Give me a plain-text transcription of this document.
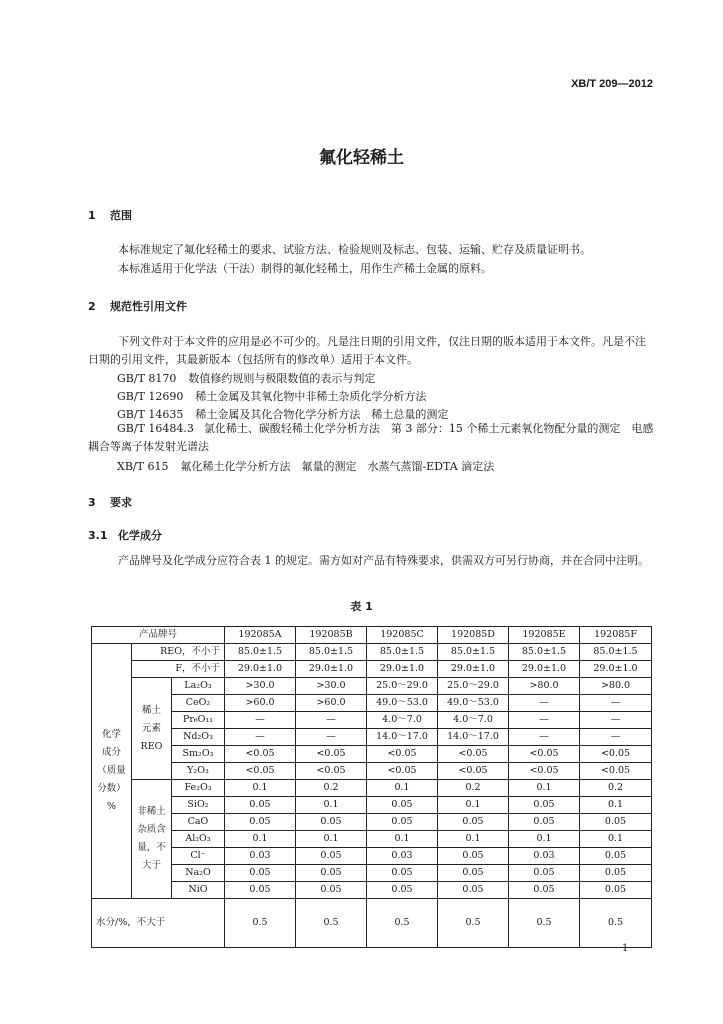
XB/T 209—2012
氟化轻稀土
1 范围
本标准规定了氟化轻稀土的要求、试验方法、检验规则及标志、包装、运输、贮存及质量证明书。
本标准适用于化学法（干法）制得的氟化轻稀土，用作生产稀土金属的原料。
2 规范性引用文件
下列文件对于本文件的应用是必不可少的。凡是注日期的引用文件，仅注日期的版本适用于本文件。凡是不注日期的引用文件，其最新版本（包括所有的修改单）适用于本文件。
GB/T 8170 数值修约规则与极限数值的表示与判定
GB/T 12690 稀土金属及其氧化物中非稀土杂质化学分析方法
GB/T 14635 稀土金属及其化合物化学分析方法　稀土总量的测定
GB/T 16484.3 氯化稀土、碳酸轻稀土化学分析方法　第 3 部分：15 个稀土元素氧化物配分量的测定　电感耦合等离子体发射光谱法
XB/T 615 氟化稀土化学分析方法　氟量的测定　水蒸气蒸馏-EDTA 滴定法
3 要求
3.1 化学成分
产品牌号及化学成分应符合表 1 的规定。需方如对产品有特殊要求，供需双方可另行协商，并在合同中注明。
表 1
产品牌号			192085A	192085B	192085C	192085D	192085E	192085F
化学
成分
（质量
分数）
%	REO，不小于		85.0±1.5	85.0±1.5	85.0±1.5	85.0±1.5	85.0±1.5	85.0±1.5
	F，不小于		29.0±1.0	29.0±1.0	29.0±1.0	29.0±1.0	29.0±1.0	29.0±1.0
	稀土
元素
REO	La₂O₃	>30.0	>30.0	25.0～29.0	25.0～29.0	>80.0	>80.0
		CeO₂	>60.0	>60.0	49.0～53.0	49.0～53.0	—	—
		Pr₆O₁₁	—	—	4.0～7.0	4.0～7.0	—	—
		Nd₂O₃	—	—	14.0～17.0	14.0～17.0	—	—
		Sm₂O₃	<0.05	<0.05	<0.05	<0.05	<0.05	<0.05
		Y₂O₃	<0.05	<0.05	<0.05	<0.05	<0.05	<0.05
	非稀土
杂质含
量，不
大于	Fe₂O₃	0.1	0.2	0.1	0.2	0.1	0.2
		SiO₂	0.05	0.1	0.05	0.1	0.05	0.1
		CaO	0.05	0.05	0.05	0.05	0.05	0.05
		Al₂O₃	0.1	0.1	0.1	0.1	0.1	0.1
		Cl⁻	0.03	0.05	0.03	0.05	0.03	0.05
		Na₂O	0.05	0.05	0.05	0.05	0.05	0.05
		NiO	0.05	0.05	0.05	0.05	0.05	0.05
水分/%，不大于			0.5	0.5	0.5	0.5	0.5	0.5
1
